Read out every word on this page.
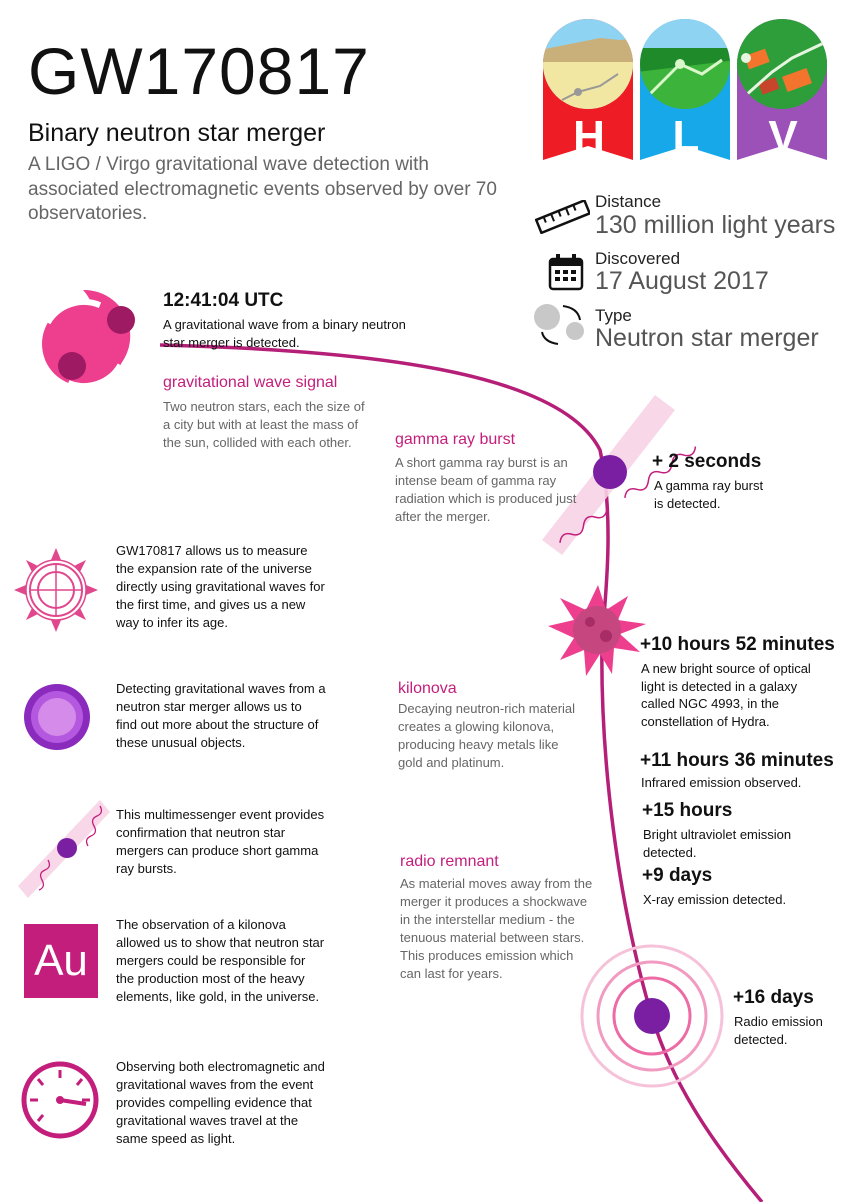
GW170817
Binary neutron star merger
A LIGO / Virgo gravitational wave detection with associated electromagnetic events observed by over 70 observatories.
H	L	V
Distance
130 million light years
Discovered
17 August 2017
Type
Neutron star merger
Au
12:41:04 UTC
A gravitational wave from a binary neutron star merger is detected.
gravitational wave signal
Two neutron stars, each the size of a city but with at least the mass of the sun, collided with each other.	gamma ray burst
A short gamma ray burst is an intense beam of gamma ray radiation which is produced just after the merger.
+ 2 seconds
A gamma ray burst is detected.
+10 hours 52 minutes
A new bright source of optical light is detected in a galaxy called NGC 4993, in the constellation of Hydra.
kilonova
Decaying neutron-rich material creates a glowing kilonova, producing heavy metals like gold and platinum.	+11 hours 36 minutes
Infrared emission observed.
+15 hours
Bright ultraviolet emission detected.
+9 days
X-ray emission detected.
radio remnant
As material moves away from the merger it produces a shockwave in the interstellar medium - the tenuous material between stars. This produces emission which can last for years.
+16 days
Radio emission detected.
GW170817 allows us to measure the expansion rate of the universe directly using gravitational waves for the first time, and gives us a new way to infer its age.
Detecting gravitational waves from a neutron star merger allows us to find out more about the structure of these unusual objects.
This multimessenger event provides confirmation that neutron star mergers can produce short gamma ray bursts.
The observation of a kilonova allowed us to show that neutron star mergers could be responsible for the production most of the heavy elements, like gold, in the universe.
Observing both electromagnetic and gravitational waves from the event provides compelling evidence that gravitational waves travel at the same speed as light.
